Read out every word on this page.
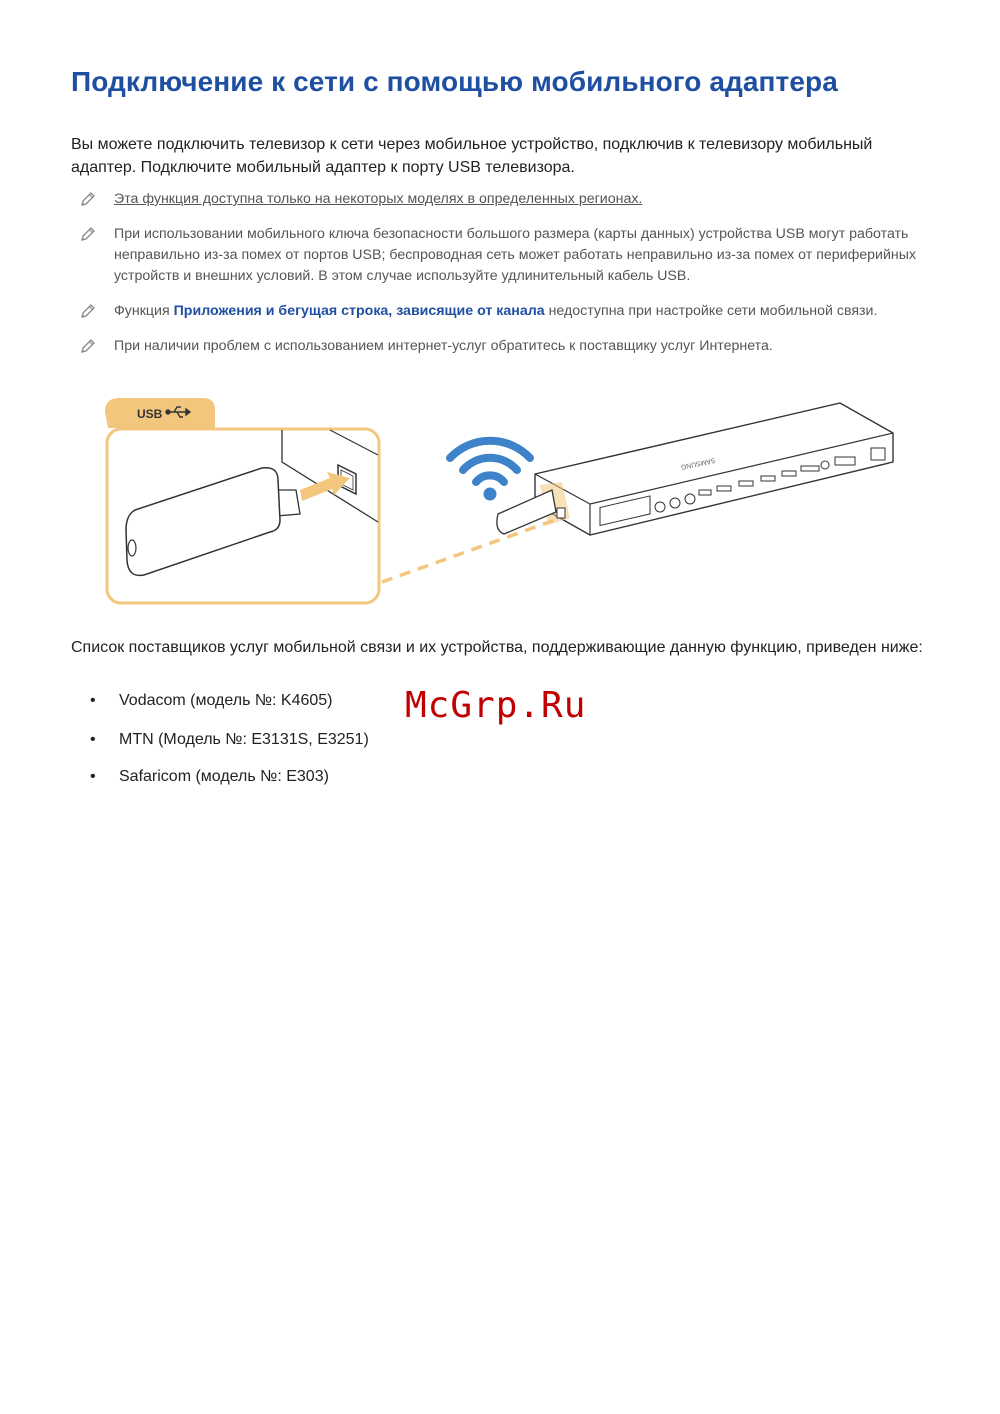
Подключение к сети с помощью мобильного адаптера

Вы можете подключить телевизор к сети через мобильное устройство, подключив к телевизору мобильный адаптер. Подключите мобильный адаптер к порту USB телевизора.

Эта функция доступна только на некоторых моделях в определенных регионах.
При использовании мобильного ключа безопасности большого размера (карты данных) устройства USB могут работать неправильно из-за помех от портов USB; беспроводная сеть может работать неправильно из-за помех от периферийных устройств и внешних условий. В этом случае используйте удлинительный кабель USB.
Функция Приложения и бегущая строка, зависящие от канала недоступна при настройке сети мобильной связи.
При наличии проблем с использованием интернет-услуг обратитесь к поставщику услуг Интернета.
USB
SAMSUNG

Список поставщиков услуг мобильной связи и их устройства, поддерживающие данную функцию, приведен ниже:

• Vodacom (модель №: K4605)
• MTN (Модель №: E3131S, E3251)
• Safaricom (модель №: E303)
McGrp.Ru
